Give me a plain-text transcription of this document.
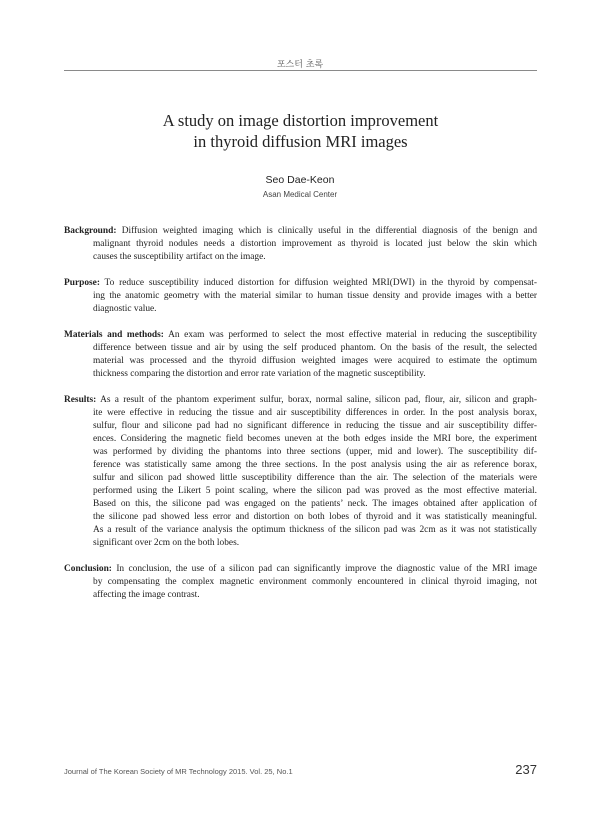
포스터 초록
A study on image distortion improvement
in thyroid diffusion MRI images
Seo Dae-Keon
Asan Medical Center
Background: Diffusion weighted imaging which is clinically useful in the differential diagnosis of the benign and
malignant thyroid nodules needs a distortion improvement as thyroid is located just below the skin which
causes the susceptibility artifact on the image.
Purpose: To reduce susceptibility induced distortion for diffusion weighted MRI(DWI) in the thyroid by compensat-
ing the anatomic geometry with the material similar to human tissue density and provide images with a better
diagnostic value.
Materials and methods: An exam was performed to select the most effective material in reducing the susceptibility
difference between tissue and air by using the self produced phantom. On the basis of the result, the selected
material was processed and the thyroid diffusion weighted images were acquired to estimate the optimum
thickness comparing the distortion and error rate variation of the magnetic susceptibility.
Results: As a result of the phantom experiment sulfur, borax, normal saline, silicon pad, flour, air, silicon and graph-
ite were effective in reducing the tissue and air susceptibility differences in order. In the post analysis borax,
sulfur, flour and silicone pad had no significant difference in reducing the tissue and air susceptibility differ-
ences. Considering the magnetic field becomes uneven at the both edges inside the MRI bore, the experiment
was performed by dividing the phantoms into three sections (upper, mid and lower). The susceptibility dif-
ference was statistically same among the three sections. In the post analysis using the air as reference borax,
sulfur and silicon pad showed little susceptibility difference than the air. The selection of the materials were
performed using the Likert 5 point scaling, where the silicon pad was proved as the most effective material.
Based on this, the silicone pad was engaged on the patients’ neck. The images obtained after application of
the silicone pad showed less error and distortion on both lobes of thyroid and it was statistically meaningful.
As a result of the variance analysis the optimum thickness of the silicon pad was 2cm as it was not statistically
significant over 2cm on the both lobes.
Conclusion: In conclusion, the use of a silicon pad can significantly improve the diagnostic value of the MRI image
by compensating the complex magnetic environment commonly encountered in clinical thyroid imaging, not
affecting the image contrast.
Journal of The Korean Society of MR Technology 2015. Vol. 25, No.1	237
